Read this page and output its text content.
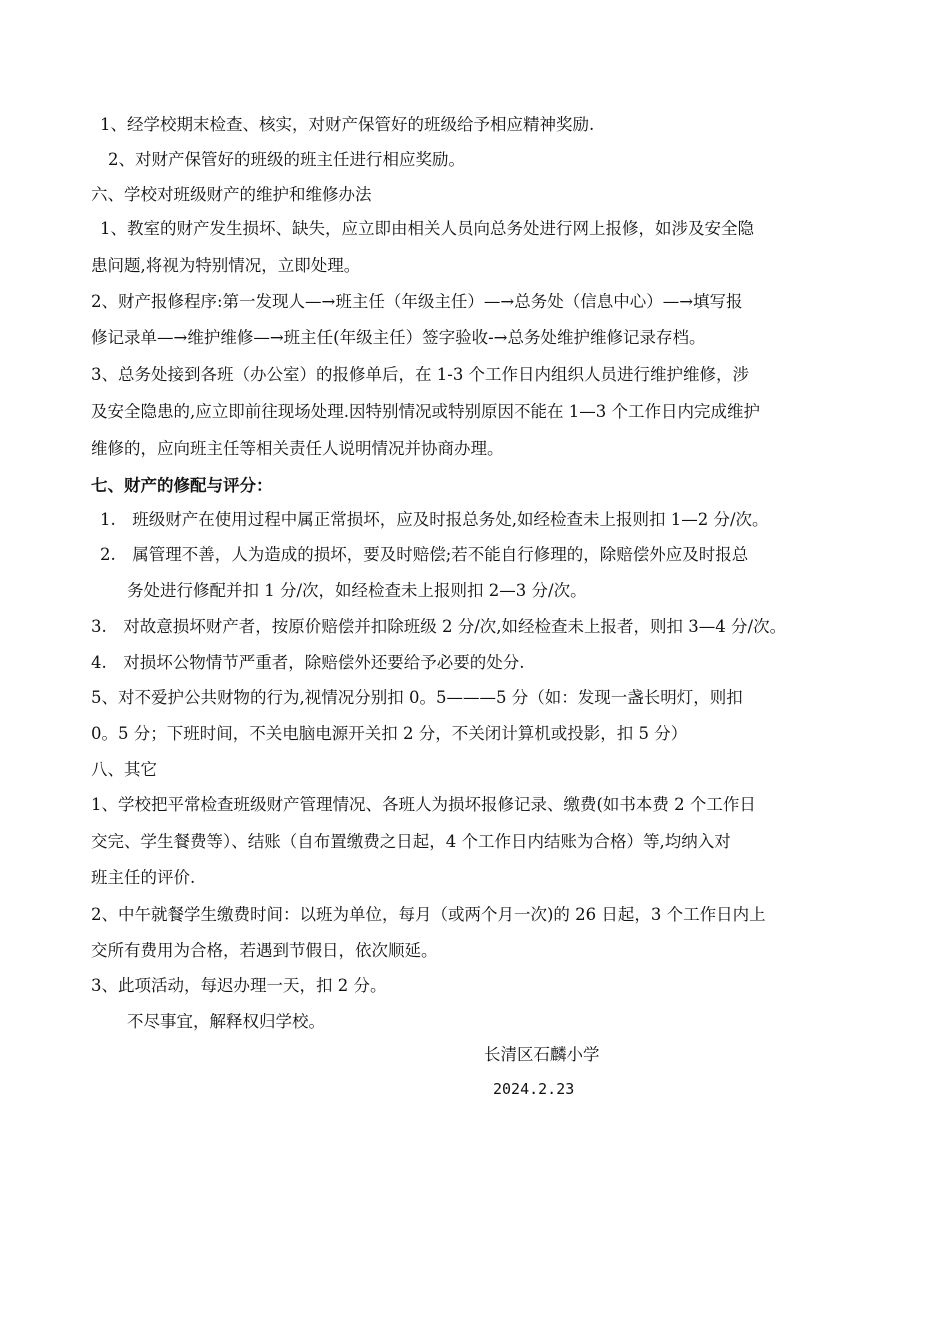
1、经学校期末检查、核实，对财产保管好的班级给予相应精神奖励.
2、对财产保管好的班级的班主任进行相应奖励。
六、学校对班级财产的维护和维修办法
1、教室的财产发生损坏、缺失，应立即由相关人员向总务处进行网上报修，如涉及安全隐
患问题,将视为特别情况，立即处理。
2、财产报修程序:第一发现人—→班主任（年级主任）—→总务处（信息中心）—→填写报
修记录单—→维护维修—→班主任(年级主任）签字验收-→总务处维护维修记录存档。
3、总务处接到各班（办公室）的报修单后，在 1-3 个工作日内组织人员进行维护维修，涉
及安全隐患的,应立即前往现场处理.因特别情况或特别原因不能在 1—3 个工作日内完成维护
维修的，应向班主任等相关责任人说明情况并协商办理。
七、财产的修配与评分：
1.　班级财产在使用过程中属正常损坏，应及时报总务处,如经检查未上报则扣 1—2 分/次。
2.　属管理不善，人为造成的损坏，要及时赔偿;若不能自行修理的，除赔偿外应及时报总
务处进行修配并扣 1 分/次，如经检查未上报则扣 2—3 分/次。
3.　对故意损坏财产者，按原价赔偿并扣除班级 2 分/次,如经检查未上报者，则扣 3—4 分/次。
4.　对损坏公物情节严重者，除赔偿外还要给予必要的处分.
5、对不爱护公共财物的行为,视情况分别扣 0。5———5 分（如：发现一盏长明灯，则扣
0。5 分；下班时间，不关电脑电源开关扣 2 分，不关闭计算机或投影，扣 5 分）
八、其它
1、学校把平常检查班级财产管理情况、各班人为损坏报修记录、缴费(如书本费 2 个工作日
交完、学生餐费等）、结账（自布置缴费之日起，4 个工作日内结账为合格）等,均纳入对
班主任的评价.
2、中午就餐学生缴费时间：以班为单位，每月（或两个月一次)的 26 日起，3 个工作日内上
交所有费用为合格，若遇到节假日，依次顺延。
3、此项活动，每迟办理一天，扣 2 分。
不尽事宜，解释权归学校。
长清区石麟小学
2024.2.23
